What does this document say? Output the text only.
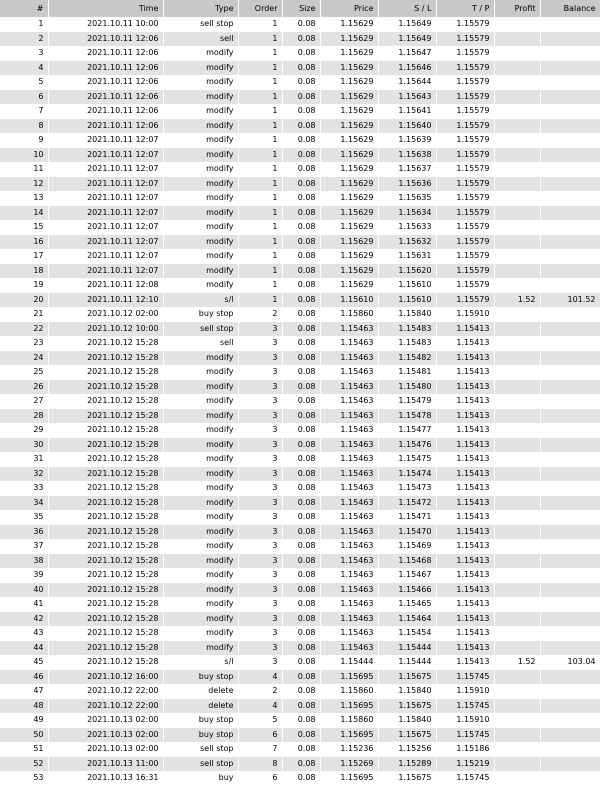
#	Time	Type	Order	Size	Price	S / L	T / P	Profit	Balance
1	2021.10.11 10:00	sell stop	1	0.08	1.15629	1.15649	1.15579		
2	2021.10.11 12:06	sell	1	0.08	1.15629	1.15649	1.15579		
3	2021.10.11 12:06	modify	1	0.08	1.15629	1.15647	1.15579		
4	2021.10.11 12:06	modify	1	0.08	1.15629	1.15646	1.15579		
5	2021.10.11 12:06	modify	1	0.08	1.15629	1.15644	1.15579		
6	2021.10.11 12:06	modify	1	0.08	1.15629	1.15643	1.15579		
7	2021.10.11 12:06	modify	1	0.08	1.15629	1.15641	1.15579		
8	2021.10.11 12:06	modify	1	0.08	1.15629	1.15640	1.15579		
9	2021.10.11 12:07	modify	1	0.08	1.15629	1.15639	1.15579		
10	2021.10.11 12:07	modify	1	0.08	1.15629	1.15638	1.15579		
11	2021.10.11 12:07	modify	1	0.08	1.15629	1.15637	1.15579		
12	2021.10.11 12:07	modify	1	0.08	1.15629	1.15636	1.15579		
13	2021.10.11 12:07	modify	1	0.08	1.15629	1.15635	1.15579		
14	2021.10.11 12:07	modify	1	0.08	1.15629	1.15634	1.15579		
15	2021.10.11 12:07	modify	1	0.08	1.15629	1.15633	1.15579		
16	2021.10.11 12:07	modify	1	0.08	1.15629	1.15632	1.15579		
17	2021.10.11 12:07	modify	1	0.08	1.15629	1.15631	1.15579		
18	2021.10.11 12:07	modify	1	0.08	1.15629	1.15620	1.15579		
19	2021.10.11 12:08	modify	1	0.08	1.15629	1.15610	1.15579		
20	2021.10.11 12:10	s/l	1	0.08	1.15610	1.15610	1.15579	1.52	101.52
21	2021.10.12 02:00	buy stop	2	0.08	1.15860	1.15840	1.15910		
22	2021.10.12 10:00	sell stop	3	0.08	1.15463	1.15483	1.15413		
23	2021.10.12 15:28	sell	3	0.08	1.15463	1.15483	1.15413		
24	2021.10.12 15:28	modify	3	0.08	1.15463	1.15482	1.15413		
25	2021.10.12 15:28	modify	3	0.08	1.15463	1.15481	1.15413		
26	2021.10.12 15:28	modify	3	0.08	1.15463	1.15480	1.15413		
27	2021.10.12 15:28	modify	3	0.08	1.15463	1.15479	1.15413		
28	2021.10.12 15:28	modify	3	0.08	1.15463	1.15478	1.15413		
29	2021.10.12 15:28	modify	3	0.08	1.15463	1.15477	1.15413		
30	2021.10.12 15:28	modify	3	0.08	1.15463	1.15476	1.15413		
31	2021.10.12 15:28	modify	3	0.08	1.15463	1.15475	1.15413		
32	2021.10.12 15:28	modify	3	0.08	1.15463	1.15474	1.15413		
33	2021.10.12 15:28	modify	3	0.08	1.15463	1.15473	1.15413		
34	2021.10.12 15:28	modify	3	0.08	1.15463	1.15472	1.15413		
35	2021.10.12 15:28	modify	3	0.08	1.15463	1.15471	1.15413		
36	2021.10.12 15:28	modify	3	0.08	1.15463	1.15470	1.15413		
37	2021.10.12 15:28	modify	3	0.08	1.15463	1.15469	1.15413		
38	2021.10.12 15:28	modify	3	0.08	1.15463	1.15468	1.15413		
39	2021.10.12 15:28	modify	3	0.08	1.15463	1.15467	1.15413		
40	2021.10.12 15:28	modify	3	0.08	1.15463	1.15466	1.15413		
41	2021.10.12 15:28	modify	3	0.08	1.15463	1.15465	1.15413		
42	2021.10.12 15:28	modify	3	0.08	1.15463	1.15464	1.15413		
43	2021.10.12 15:28	modify	3	0.08	1.15463	1.15454	1.15413		
44	2021.10.12 15:28	modify	3	0.08	1.15463	1.15444	1.15413		
45	2021.10.12 15:28	s/l	3	0.08	1.15444	1.15444	1.15413	1.52	103.04
46	2021.10.12 16:00	buy stop	4	0.08	1.15695	1.15675	1.15745		
47	2021.10.12 22:00	delete	2	0.08	1.15860	1.15840	1.15910		
48	2021.10.12 22:00	delete	4	0.08	1.15695	1.15675	1.15745		
49	2021.10.13 02:00	buy stop	5	0.08	1.15860	1.15840	1.15910		
50	2021.10.13 02:00	buy stop	6	0.08	1.15695	1.15675	1.15745		
51	2021.10.13 02:00	sell stop	7	0.08	1.15236	1.15256	1.15186		
52	2021.10.13 11:00	sell stop	8	0.08	1.15269	1.15289	1.15219		
53	2021.10.13 16:31	buy	6	0.08	1.15695	1.15675	1.15745		
